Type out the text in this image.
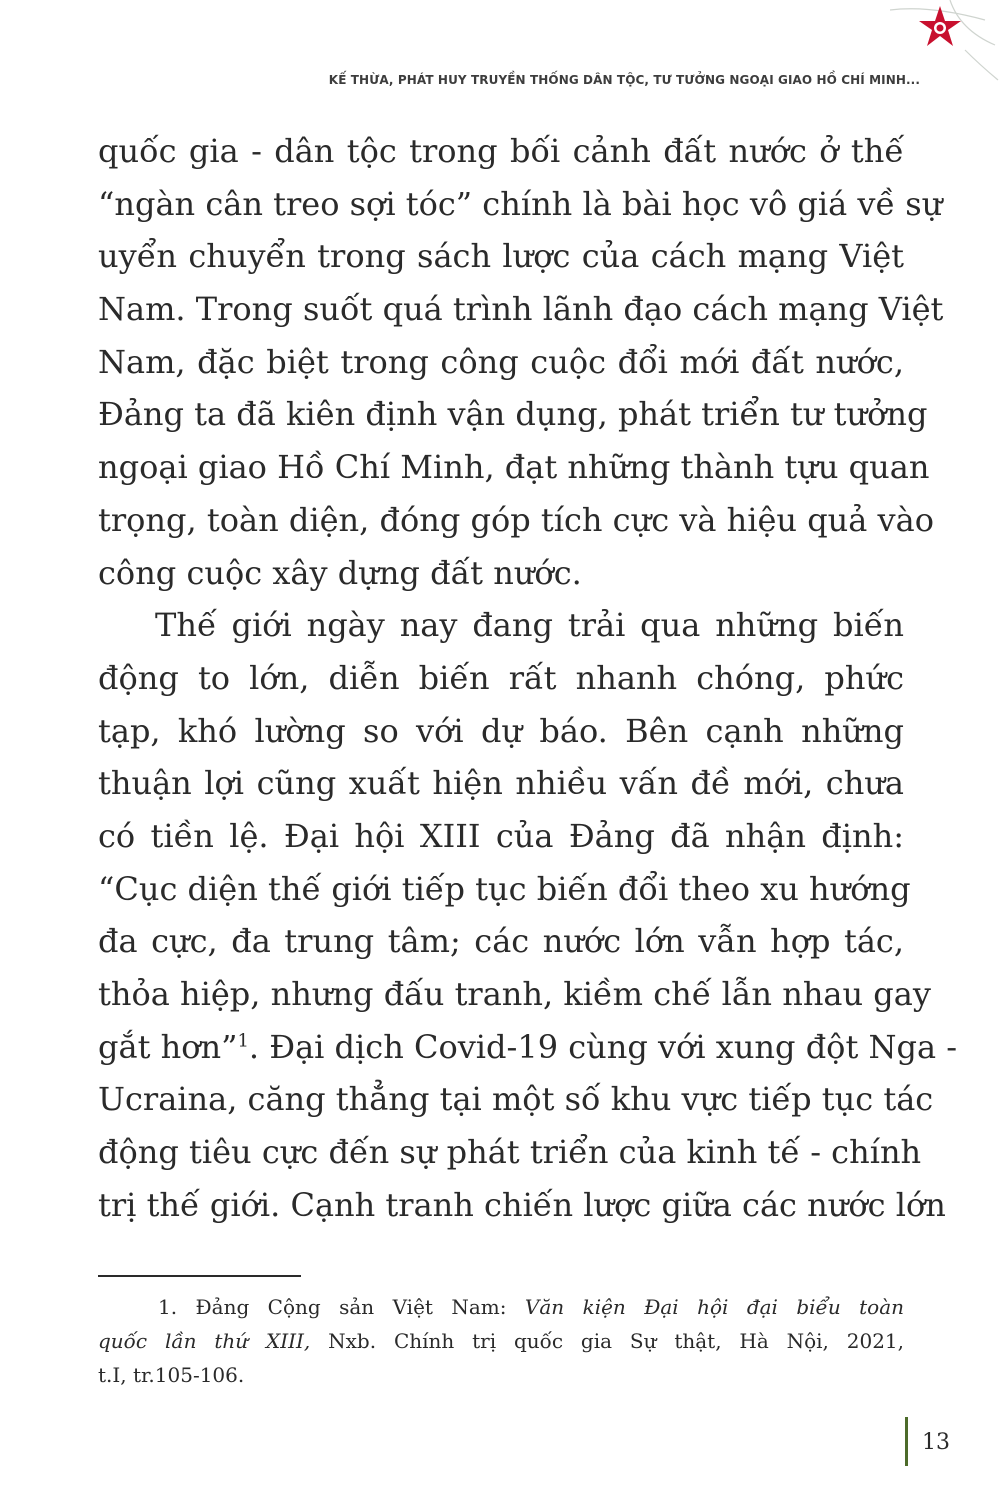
KẾ THỪA, PHÁT HUY TRUYỀN THỐNG DÂN TỘC, TƯ TƯỞNG NGOẠI GIAO HỒ CHÍ MINH...
quốc gia - dân tộc trong bối cảnh đất nước ở thế
“ngàn cân treo sợi tóc” chính là bài học vô giá về sự
uyển chuyển trong sách lược của cách mạng Việt
Nam. Trong suốt quá trình lãnh đạo cách mạng Việt
Nam, đặc biệt trong công cuộc đổi mới đất nước,
Đảng ta đã kiên định vận dụng, phát triển tư tưởng
ngoại giao Hồ Chí Minh, đạt những thành tựu quan
trọng, toàn diện, đóng góp tích cực và hiệu quả vào
công cuộc xây dựng đất nước.
Thế giới ngày nay đang trải qua những biến
động to lớn, diễn biến rất nhanh chóng, phức
tạp, khó lường so với dự báo. Bên cạnh những
thuận lợi cũng xuất hiện nhiều vấn đề mới, chưa
có tiền lệ. Đại hội XIII của Đảng đã nhận định:
“Cục diện thế giới tiếp tục biến đổi theo xu hướng
đa cực, đa trung tâm; các nước lớn vẫn hợp tác,
thỏa hiệp, nhưng đấu tranh, kiềm chế lẫn nhau gay
gắt hơn”$^1$. Đại dịch Covid-19 cùng với xung đột Nga -
Ucraina, căng thẳng tại một số khu vực tiếp tục tác
động tiêu cực đến sự phát triển của kinh tế - chính
trị thế giới. Cạnh tranh chiến lược giữa các nước lớn
1. Đảng Cộng sản Việt Nam: Văn kiện Đại hội đại biểu toàn
quốc lần thứ XIII, Nxb. Chính trị quốc gia Sự thật, Hà Nội, 2021,
t.I, tr.105-106.
13
